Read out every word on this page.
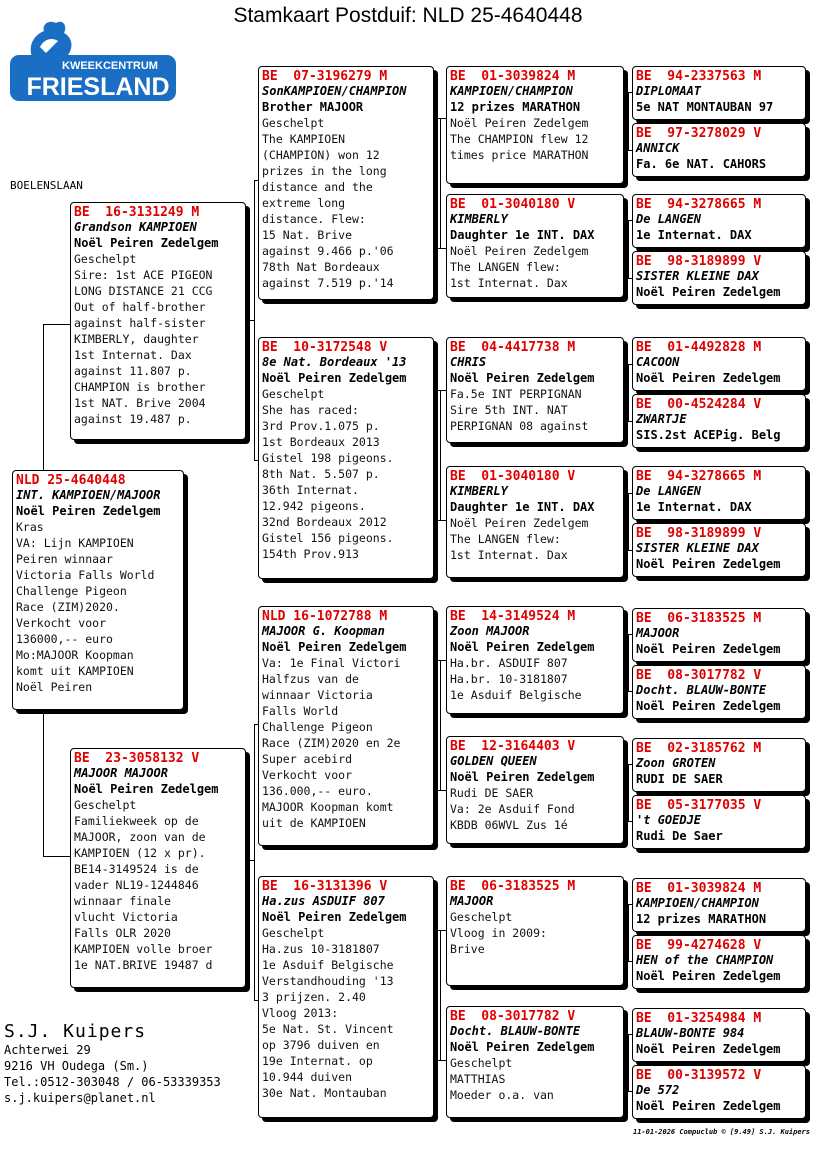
Stamkaart Postduif: NLD 25-4640448
KWEEKCENTRUM
FRIESLAND
BOELENSLAAN
NLD 25-4640448
INT. KAMPIOEN/MAJOOR
Noël Peiren Zedelgem
Kras
VA: Lijn KAMPIOEN
Peiren winnaar
Victoria Falls World
Challenge Pigeon
Race (ZIM)2020.
Verkocht voor
136000,-- euro
Mo:MAJOOR Koopman
komt uit KAMPIOEN
Noël Peiren
BE  16-3131249 M
Grandson KAMPIOEN
Noël Peiren Zedelgem
Geschelpt
Sire: 1st ACE PIGEON
LONG DISTANCE 21 CCG
Out of half-brother
against half-sister
KIMBERLY, daughter
1st Internat. Dax
against 11.807 p.
CHAMPION is brother
1st NAT. Brive 2004
against 19.487 p.
BE  23-3058132 V
MAJOOR MAJOOR
Noël Peiren Zedelgem
Geschelpt
Familiekweek op de
MAJOOR, zoon van de
KAMPIOEN (12 x pr).
BE14-3149524 is de
vader NL19-1244846
winnaar finale
vlucht Victoria
Falls OLR 2020
KAMPIOEN volle broer
1e NAT.BRIVE 19487 d
BE  07-3196279 M
SonKAMPIOEN/CHAMPION
Brother MAJOOR
Geschelpt
The KAMPIOEN
(CHAMPION) won 12
prizes in the long
distance and the
extreme long
distance. Flew:
15 Nat. Brive
against 9.466 p.'06
78th Nat Bordeaux
against 7.519 p.'14
BE  10-3172548 V
8e Nat. Bordeaux '13
Noël Peiren Zedelgem
Geschelpt
She has raced:
3rd Prov.1.075 p.
1st Bordeaux 2013
Gistel 198 pigeons.
8th Nat. 5.507 p.
36th Internat.
12.942 pigeons.
32nd Bordeaux 2012
Gistel 156 pigeons.
154th Prov.913
NLD 16-1072788 M
MAJOOR G. Koopman
Noël Peiren Zedelgem
Va: 1e Final Victori
Halfzus van de
winnaar Victoria
Falls World
Challenge Pigeon
Race (ZIM)2020 en 2e
Super acebird
Verkocht voor
136.000,-- euro.
MAJOOR Koopman komt
uit de KAMPIOEN
BE  16-3131396 V
Ha.zus ASDUIF 807
Noël Peiren Zedelgem
Geschelpt
Ha.zus 10-3181807
1e Asduif Belgische
Verstandhouding '13
3 prijzen. 2.40
Vloog 2013:
5e Nat. St. Vincent
op 3796 duiven en
19e Internat. op
10.944 duiven
30e Nat. Montauban
BE  01-3039824 M
KAMPIOEN/CHAMPION
12 prizes MARATHON
Noël Peiren Zedelgem
The CHAMPION flew 12
times price MARATHON
BE  01-3040180 V
KIMBERLY
Daughter 1e INT. DAX
Noël Peiren Zedelgem
The LANGEN flew:
1st Internat. Dax
BE  04-4417738 M
CHRIS
Noël Peiren Zedelgem
Fa.5e INT PERPIGNAN
Sire 5th INT. NAT
PERPIGNAN 08 against
BE  01-3040180 V
KIMBERLY
Daughter 1e INT. DAX
Noël Peiren Zedelgem
The LANGEN flew:
1st Internat. Dax
BE  14-3149524 M
Zoon MAJOOR
Noël Peiren Zedelgem
Ha.br. ASDUIF 807
Ha.br. 10-3181807
1e Asduif Belgische
BE  12-3164403 V
GOLDEN QUEEN
Noël Peiren Zedelgem
Rudi DE SAER
Va: 2e Asduif Fond
KBDB 06WVL Zus 1é
BE  06-3183525 M
MAJOOR
Geschelpt
Vloog in 2009:
Brive
BE  08-3017782 V
Docht. BLAUW-BONTE
Noël Peiren Zedelgem
Geschelpt
MATTHIAS
Moeder o.a. van
BE  94-2337563 M
DIPLOMAAT
5e NAT MONTAUBAN 97
BE  97-3278029 V
ANNICK
Fa. 6e NAT. CAHORS
BE  94-3278665 M
De LANGEN
1e Internat. DAX
BE  98-3189899 V
SISTER KLEINE DAX
Noël Peiren Zedelgem
BE  01-4492828 M
CACOON
Noël Peiren Zedelgem
BE  00-4524284 V
ZWARTJE
SIS.2st ACEPig. Belg
BE  94-3278665 M
De LANGEN
1e Internat. DAX
BE  98-3189899 V
SISTER KLEINE DAX
Noël Peiren Zedelgem
BE  06-3183525 M
MAJOOR
Noël Peiren Zedelgem
BE  08-3017782 V
Docht. BLAUW-BONTE
Noël Peiren Zedelgem
BE  02-3185762 M
Zoon GROTEN
RUDI DE SAER
BE  05-3177035 V
't GOEDJE
Rudi De Saer
BE  01-3039824 M
KAMPIOEN/CHAMPION
12 prizes MARATHON
BE  99-4274628 V
HEN of the CHAMPION
Noël Peiren Zedelgem
BE  01-3254984 M
BLAUW-BONTE 984
Noël Peiren Zedelgem
BE  00-3139572 V
De 572
Noël Peiren Zedelgem
S.J. Kuipers
Achterwei 29
9216 VH Oudega (Sm.)
Tel.:0512-303048 / 06-53339353
s.j.kuipers@planet.nl
11-01-2026 Compuclub © [9.49] S.J. Kuipers
